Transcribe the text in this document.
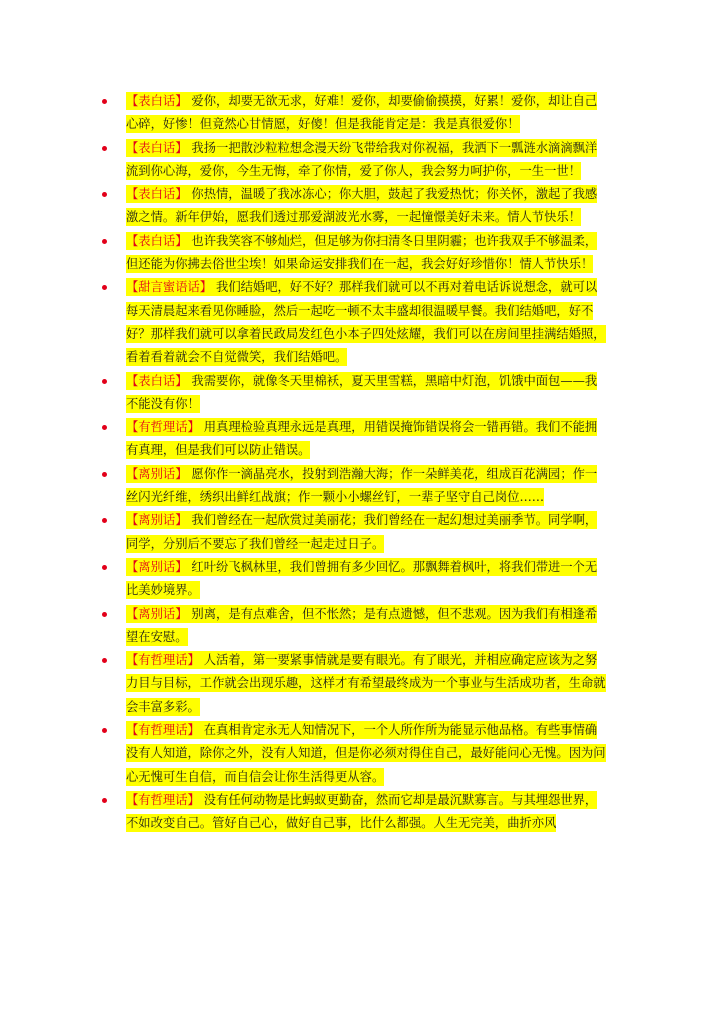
【表白话】 爱你，却要无欲无求，好难！爱你，却要偷偷摸摸，好累！爱你，却让自己心碎，好惨！但竟然心甘情愿，好傻！但是我能肯定是：我是真很爱你！
【表白话】 我扬一把散沙粒粒想念漫天纷飞带给我对你祝福，我洒下一瓢涟水滴滴飘洋流到你心海，爱你，今生无悔，牵了你情，爱了你人，我会努力呵护你，一生一世！
【表白话】 你热情，温暖了我冰冻心；你大胆，鼓起了我爱热忱；你关怀，激起了我感激之情。新年伊始，愿我们透过那爱湖波光水雾，一起憧憬美好未来。情人节快乐！
【表白话】 也许我笑容不够灿烂，但足够为你扫清冬日里阴霾；也许我双手不够温柔，但还能为你拂去俗世尘埃！如果命运安排我们在一起，我会好好珍惜你！情人节快乐！
【甜言蜜语话】 我们结婚吧，好不好？那样我们就可以不再对着电话诉说想念，就可以每天清晨起来看见你睡脸，然后一起吃一顿不太丰盛却很温暖早餐。我们结婚吧，好不好？那样我们就可以拿着民政局发红色小本子四处炫耀，我们可以在房间里挂满结婚照，看着看着就会不自觉微笑，我们结婚吧。
【表白话】 我需要你，就像冬天里棉袄，夏天里雪糕，黑暗中灯泡，饥饿中面包——我不能没有你！
【有哲理话】 用真理检验真理永远是真理，用错误掩饰错误将会一错再错。我们不能拥有真理，但是我们可以防止错误。
【离别话】 愿你作一滴晶亮水，投射到浩瀚大海；作一朵鲜美花，组成百花满园；作一丝闪光纤维，绣织出鲜红战旗；作一颗小小螺丝钉，一辈子坚守自己岗位……
【离别话】 我们曾经在一起欣赏过美丽花；我们曾经在一起幻想过美丽季节。同学啊，同学，分别后不要忘了我们曾经一起走过日子。
【离别话】 红叶纷飞枫林里，我们曾拥有多少回忆。那飘舞着枫叶，将我们带进一个无比美妙境界。
【离别话】 别离，是有点难舍，但不怅然；是有点遗憾，但不悲观。因为我们有相逢希望在安慰。
【有哲理话】 人活着，第一要紧事情就是要有眼光。有了眼光，并相应确定应该为之努力目与目标，工作就会出现乐趣，这样才有希望最终成为一个事业与生活成功者，生命就会丰富多彩。
【有哲理话】 在真相肯定永无人知情况下，一个人所作所为能显示他品格。有些事情确没有人知道，除你之外，没有人知道，但是你必须对得住自己，最好能问心无愧。因为问心无愧可生自信，而自信会让你生活得更从容。
【有哲理话】 没有任何动物是比蚂蚁更勤奋，然而它却是最沉默寡言。与其埋怨世界，不如改变自己。管好自己心，做好自己事，比什么都强。人生无完美，曲折亦风
